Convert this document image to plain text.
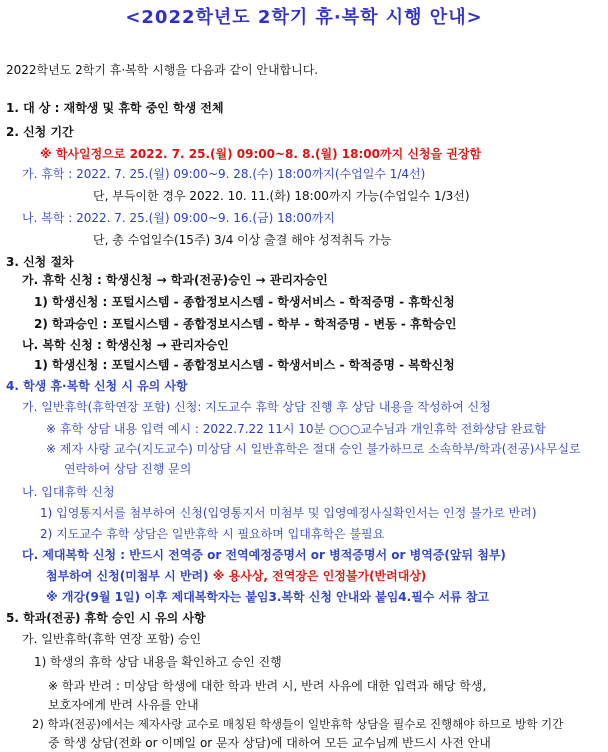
<2022학년도 2학기 휴·복학 시행 안내>
2022학년도 2학기 휴·복학 시행을 다음과 같이 안내합니다.
1. 대 상 : 재학생 및 휴학 중인 학생 전체
2. 신청 기간
※ 학사일정으로 2022. 7. 25.(월) 09:00~8. 8.(월) 18:00까지 신청을 권장함
가. 휴학 : 2022. 7. 25.(월) 09:00~9. 28.(수) 18:00까지(수업일수 1/4선)
단, 부득이한 경우 2022. 10. 11.(화) 18:00까지 가능(수업일수 1/3선)
나. 복학 : 2022. 7. 25.(월) 09:00~9. 16.(금) 18:00까지
단, 총 수업일수(15주) 3/4 이상 출결 해야 성적취득 가능
3. 신청 절차
가. 휴학 신청 : 학생신청 → 학과(전공)승인 → 관리자승인
1) 학생신청 : 포털시스템 - 종합정보시스템 - 학생서비스 - 학적증명 - 휴학신청
2) 학과승인 : 포털시스템 - 종합정보시스템 - 학부 - 학적증명 - 변동 - 휴학승인
나. 복학 신청 : 학생신청 → 관리자승인
1) 학생신청 : 포털시스템 - 종합정보시스템 - 학생서비스 - 학적증명 - 복학신청
4. 학생 휴·복학 신청 시 유의 사항
가. 일반휴학(휴학연장 포함) 신청: 지도교수 휴학 상담 진행 후 상담 내용을 작성하여 신청
※ 휴학 상담 내용 입력 예시 : 2022.7.22 11시 10분 ○○○교수님과 개인휴학 전화상담 완료함
※ 제자 사랑 교수(지도교수) 미상담 시 일반휴학은 절대 승인 불가하므로 소속학부/학과(전공)사무실로
연락하여 상담 진행 문의
나. 입대휴학 신청
1) 입영통지서를 첨부하여 신청(입영통지서 미첨부 및 입영예정사실확인서는 인정 불가로 반려)
2) 지도교수 휴학 상담은 일반휴학 시 필요하며 입대휴학은 불필요
다. 제대복학 신청 : 반드시 전역증 or 전역예정증명서 or 병적증명서 or 병역증(앞뒤 첨부)
첨부하여 신청(미첨부 시 반려) ※ 용사상, 전역장은 인정불가(반려대상)
※ 개강(9월 1일) 이후 제대복학자는 붙임3.복학 신청 안내와 붙임4.필수 서류 참고
5. 학과(전공) 휴학 승인 시 유의 사항
가. 일반휴학(휴학 연장 포함) 승인
1) 학생의 휴학 상담 내용을 확인하고 승인 진행
※ 학과 반려 : 미상담 학생에 대한 학과 반려 시, 반려 사유에 대한 입력과 해당 학생,
보호자에게 반려 사유를 안내
2) 학과(전공)에서는 제자사랑 교수로 매칭된 학생들이 일반휴학 상담을 필수로 진행해야 하므로 방학 기간
중 학생 상담(전화 or 이메일 or 문자 상담)에 대하여 모든 교수님께 반드시 사전 안내
